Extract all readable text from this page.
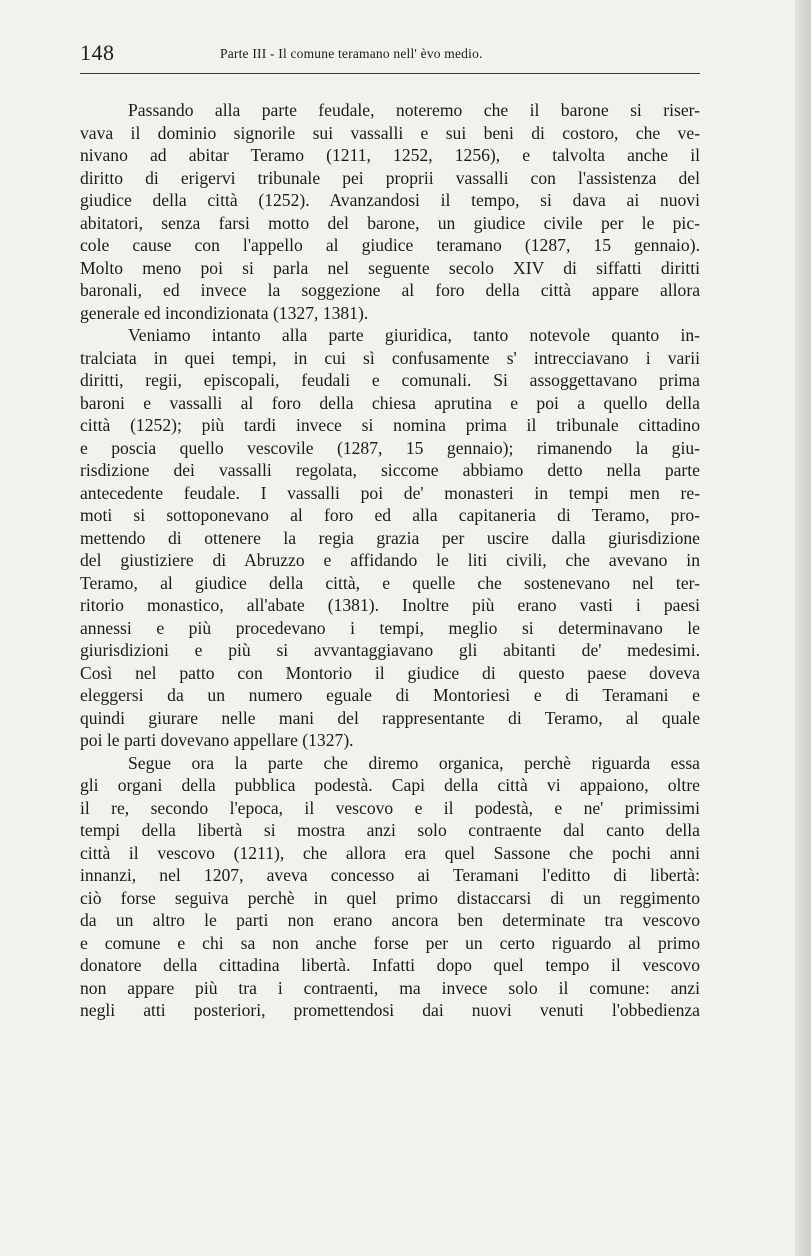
148	Parte III - Il comune teramano nell' èvo medio.
Passando alla parte feudale, noteremo che il barone si riser-
vava il dominio signorile sui vassalli e sui beni di costoro, che ve-
nivano ad abitar Teramo (1211, 1252, 1256), e talvolta anche il
diritto di erigervi tribunale pei proprii vassalli con l'assistenza del
giudice della città (1252). Avanzandosi il tempo, si dava ai nuovi
abitatori, senza farsi motto del barone, un giudice civile per le pic-
cole cause con l'appello al giudice teramano (1287, 15 gennaio).
Molto meno poi si parla nel seguente secolo XIV di siffatti diritti
baronali, ed invece la soggezione al foro della città appare allora
generale ed incondizionata (1327, 1381).
Veniamo intanto alla parte giuridica, tanto notevole quanto in-
tralciata in quei tempi, in cui sì confusamente s' intrecciavano i varii
diritti, regii, episcopali, feudali e comunali. Si assoggettavano prima
baroni e vassalli al foro della chiesa aprutina e poi a quello della
città (1252); più tardi invece si nomina prima il tribunale cittadino
e poscia quello vescovile (1287, 15 gennaio); rimanendo la giu-
risdizione dei vassalli regolata, siccome abbiamo detto nella parte
antecedente feudale. I vassalli poi de' monasteri in tempi men re-
moti si sottoponevano al foro ed alla capitaneria di Teramo, pro-
mettendo di ottenere la regia grazia per uscire dalla giurisdizione
del giustiziere di Abruzzo e affidando le liti civili, che avevano in
Teramo, al giudice della città, e quelle che sostenevano nel ter-
ritorio monastico, all'abate (1381). Inoltre più erano vasti i paesi
annessi e più procedevano i tempi, meglio si determinavano le
giurisdizioni e più si avvantaggiavano gli abitanti de' medesimi.
Così nel patto con Montorio il giudice di questo paese doveva
eleggersi da un numero eguale di Montoriesi e di Teramani e
quindi giurare nelle mani del rappresentante di Teramo, al quale
poi le parti dovevano appellare (1327).
Segue ora la parte che diremo organica, perchè riguarda essa
gli organi della pubblica podestà. Capi della città vi appaiono, oltre
il re, secondo l'epoca, il vescovo e il podestà, e ne' primissimi
tempi della libertà si mostra anzi solo contraente dal canto della
città il vescovo (1211), che allora era quel Sassone che pochi anni
innanzi, nel 1207, aveva concesso ai Teramani l'editto di libertà:
ciò forse seguiva perchè in quel primo distaccarsi di un reggimento
da un altro le parti non erano ancora ben determinate tra vescovo
e comune e chi sa non anche forse per un certo riguardo al primo
donatore della cittadina libertà. Infatti dopo quel tempo il vescovo
non appare più tra i contraenti, ma invece solo il comune: anzi
negli atti posteriori, promettendosi dai nuovi venuti l'obbedienza
